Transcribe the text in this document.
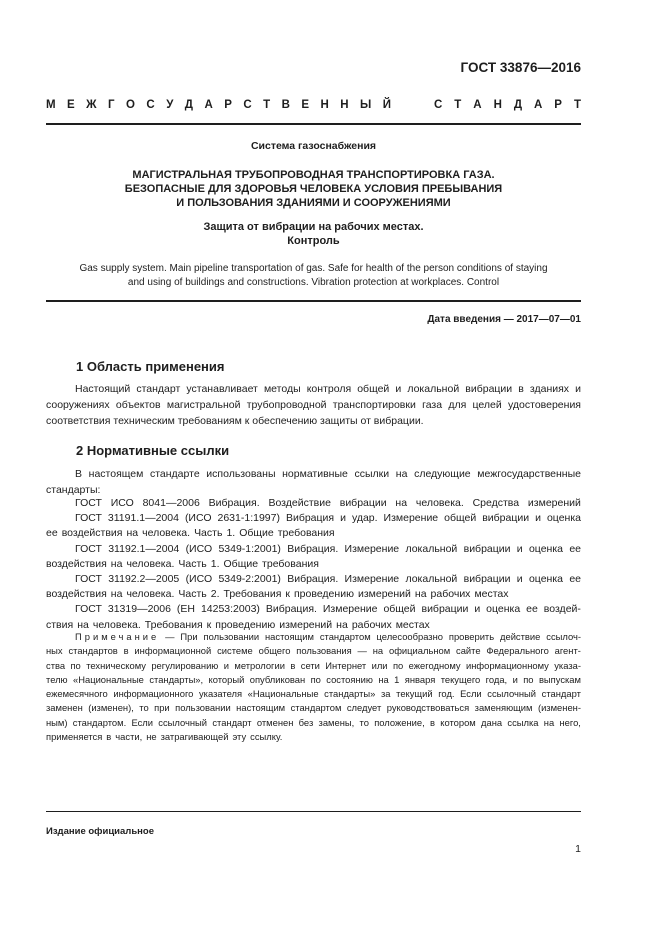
ГОСТ 33876—2016
М Е Ж Г О С У Д А Р С Т В Е Н Н Ы Й	С Т А Н Д А Р Т
Система газоснабжения
МАГИСТРАЛЬНАЯ ТРУБОПРОВОДНАЯ ТРАНСПОРТИРОВКА ГАЗА.
БЕЗОПАСНЫЕ ДЛЯ ЗДОРОВЬЯ ЧЕЛОВЕКА УСЛОВИЯ ПРЕБЫВАНИЯ
И ПОЛЬЗОВАНИЯ ЗДАНИЯМИ И СООРУЖЕНИЯМИ
Защита от вибрации на рабочих местах.
Контроль
Gas supply system. Main pipeline transportation of gas. Safe for health of the person conditions of staying
and using of buildings and constructions. Vibration protection at workplaces. Control
Дата введения — 2017—07—01
1 Область применения
Настоящий стандарт устанавливает методы контроля общей и локальной вибрации в зданиях и сооружениях объектов магистральной трубопроводной транспортировки газа для целей удостоверения соответствия техническим требованиям к обеспечению защиты от вибрации.
2 Нормативные ссылки
В настоящем стандарте использованы нормативные ссылки на следующие межгосударственные стандарты:
ГОСТ ИСО 8041—2006 Вибрация. Воздействие вибрации на человека. Средства измерений
ГОСТ 31191.1—2004 (ИСО 2631-1:1997) Вибрация и удар. Измерение общей вибрации и оценка
ее воздействия на человека. Часть 1. Общие требования
ГОСТ 31192.1—2004 (ИСО 5349-1:2001) Вибрация. Измерение локальной вибрации и оценка ее
воздействия на человека. Часть 1. Общие требования
ГОСТ 31192.2—2005 (ИСО 5349-2:2001) Вибрация. Измерение локальной вибрации и оценка ее
воздействия на человека. Часть 2. Требования к проведению измерений на рабочих местах
ГОСТ 31319—2006 (ЕН 14253:2003) Вибрация. Измерение общей вибрации и оценка ее воздей-
ствия на человека. Требования к проведению измерений на рабочих местах
Примечание — При пользовании настоящим стандартом целесообразно проверить действие ссылоч-
ных стандартов в информационной системе общего пользования — на официальном сайте Федерального агент-
ства по техническому регулированию и метрологии в сети Интернет или по ежегодному информационному указа-
телю «Национальные стандарты», который опубликован по состоянию на 1 января текущего года, и по выпускам
ежемесячного информационного указателя «Национальные стандарты» за текущий год. Если ссылочный стандарт
заменен (изменен), то при пользовании настоящим стандартом следует руководствоваться заменяющим (изменен-
ным) стандартом. Если ссылочный стандарт отменен без замены, то положение, в котором дана ссылка на него,
применяется в части, не затрагивающей эту ссылку.
Издание официальное
1
